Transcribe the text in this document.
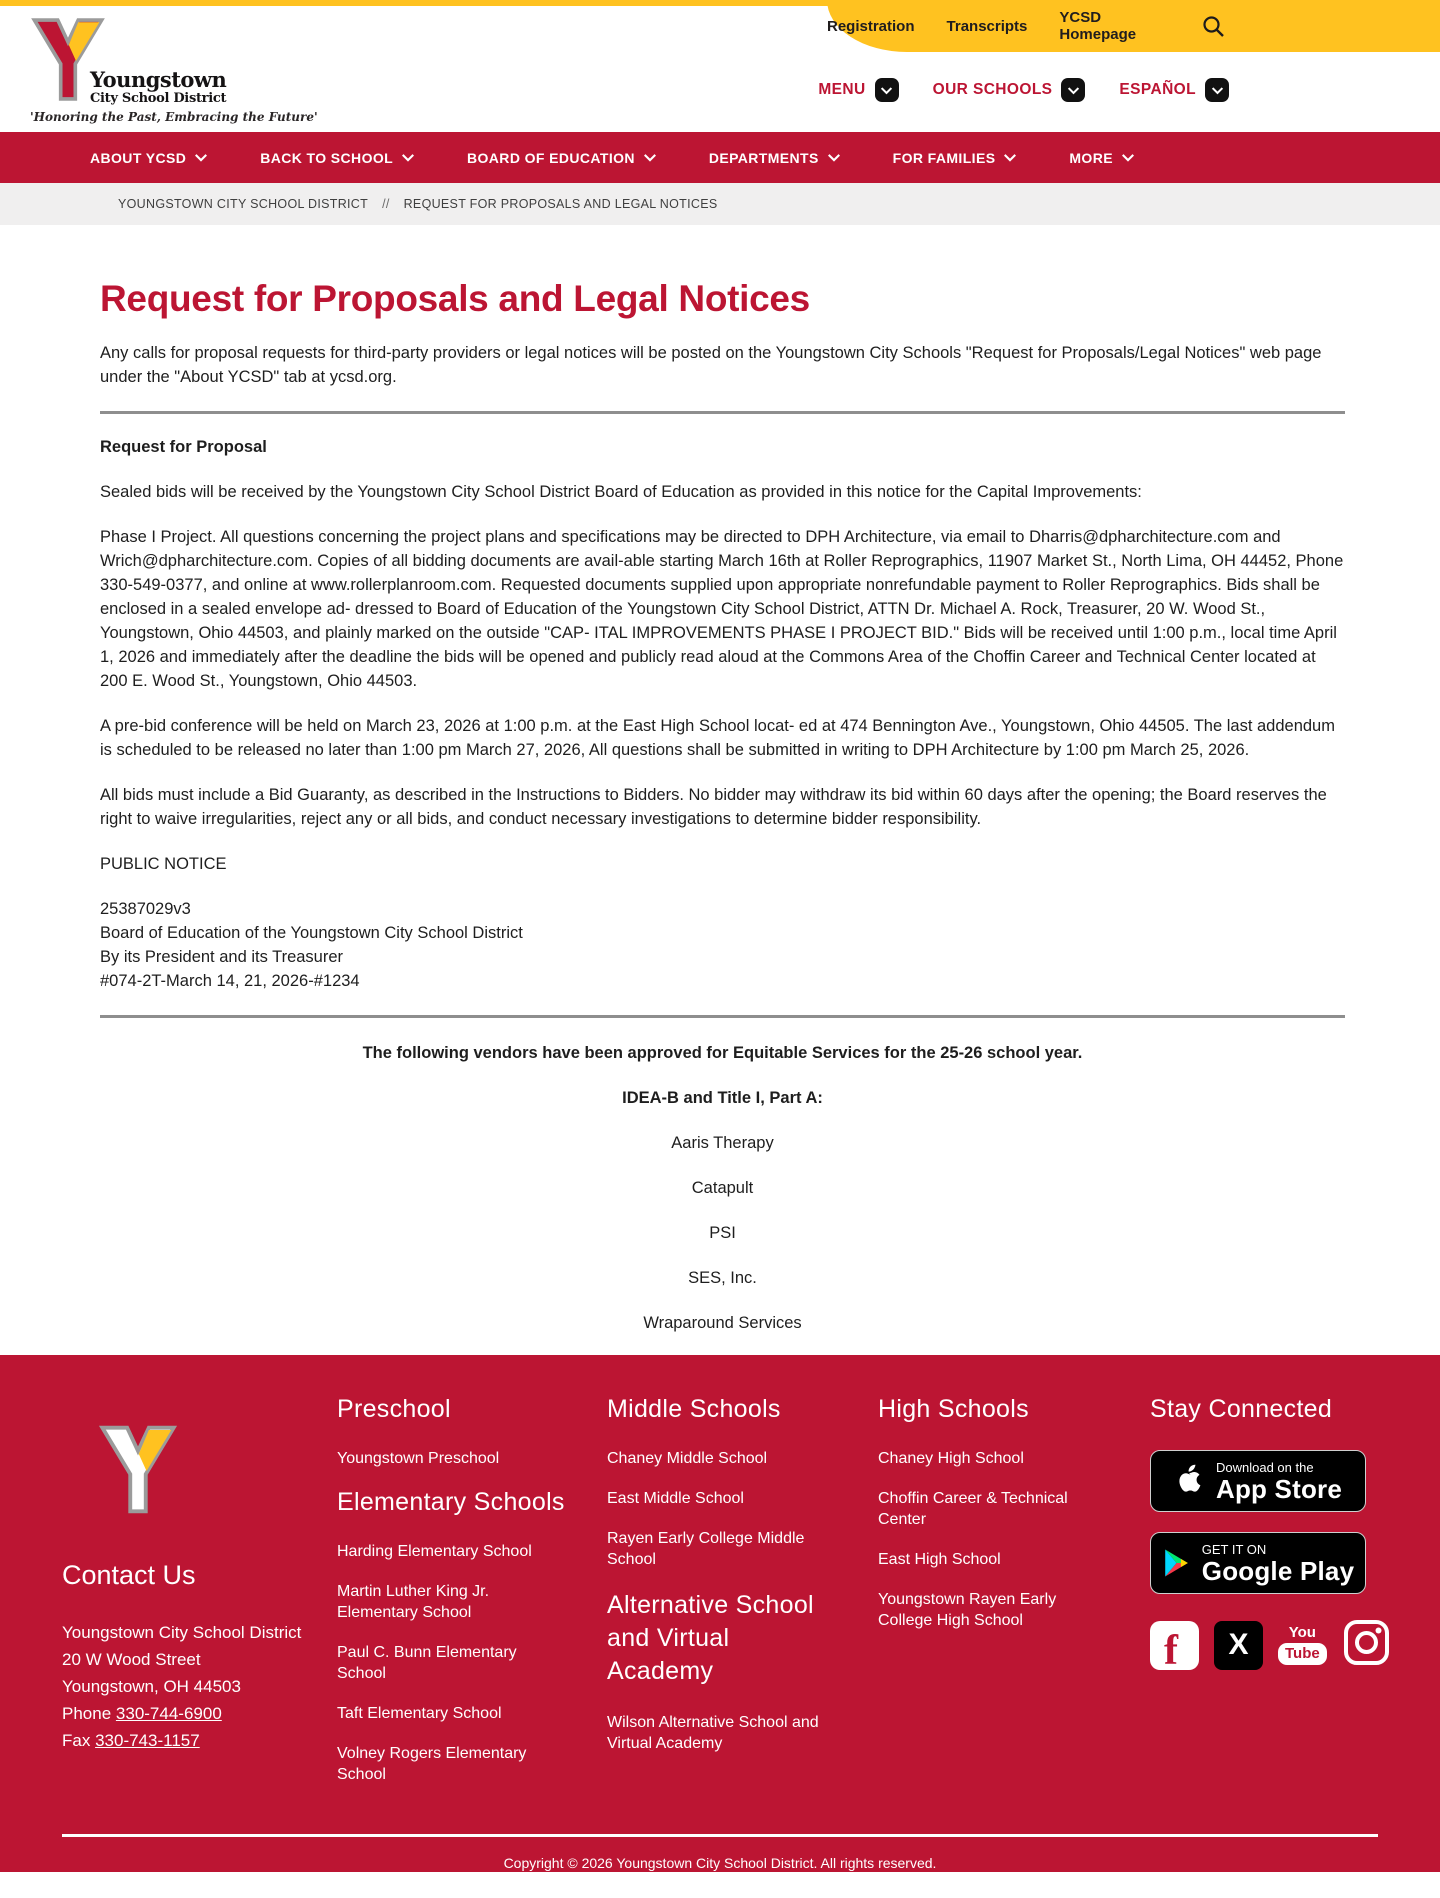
Registration Transcripts YCSD Homepage
Youngstown
City School District
'Honoring the Past, Embracing the Future'
MENU	OUR SCHOOLS	ESPAÑOL
ABOUT YCSD	BACK TO SCHOOL	BOARD OF EDUCATION	DEPARTMENTS	FOR FAMILIES	MORE
YOUNGSTOWN CITY SCHOOL DISTRICT // REQUEST FOR PROPOSALS AND LEGAL NOTICES
Request for Proposals and Legal Notices

Any calls for proposal requests for third-party providers or legal notices will be posted on the Youngstown City Schools "Request for Proposals/Legal Notices" web page under the "About YCSD" tab at ycsd.org.

Request for Proposal

Sealed bids will be received by the Youngstown City School District Board of Education as provided in this notice for the Capital Improvements:

Phase I Project. All questions concerning the project plans and specifications may be directed to DPH Architecture, via email to Dharris@dpharchitecture.com and Wrich@dpharchitecture.com. Copies of all bidding documents are avail-able starting March 16th at Roller Reprographics, 11907 Market St., North Lima, OH 44452, Phone 330-549-0377, and online at www.rollerplanroom.com. Requested documents supplied upon appropriate nonrefundable payment to Roller Reprographics. Bids shall be enclosed in a sealed envelope ad- dressed to Board of Education of the Youngstown City School District, ATTN Dr. Michael A. Rock, Treasurer, 20 W. Wood St., Youngstown, Ohio 44503, and plainly marked on the outside "CAP- ITAL IMPROVEMENTS PHASE I PROJECT BID." Bids will be received until 1:00 p.m., local time April 1, 2026 and immediately after the deadline the bids will be opened and publicly read aloud at the Commons Area of the Choffin Career and Technical Center located at 200 E. Wood St., Youngstown, Ohio 44503.

A pre-bid conference will be held on March 23, 2026 at 1:00 p.m. at the East High School locat- ed at 474 Bennington Ave., Youngstown, Ohio 44505. The last addendum is scheduled to be released no later than 1:00 pm March 27, 2026, All questions shall be submitted in writing to DPH Architecture by 1:00 pm March 25, 2026.

All bids must include a Bid Guaranty, as described in the Instructions to Bidders. No bidder may withdraw its bid within 60 days after the opening; the Board reserves the right to waive irregularities, reject any or all bids, and conduct necessary investigations to determine bidder responsibility.

PUBLIC NOTICE

25387029v3
Board of Education of the Youngstown City School District
By its President and its Treasurer
#074-2T-March 14, 21, 2026-#1234
The following vendors have been approved for Equitable Services for the 25-26 school year.
IDEA-B and Title I, Part A:
Aaris Therapy
Catapult
PSI
SES, Inc.
Wraparound Services
Contact Us
Youngstown City School District
20 W Wood Street
Youngstown, OH 44503
Phone 330-744-6900
Fax 330-743-1157
Preschool
Youngstown Preschool
Elementary Schools
Harding Elementary School
Martin Luther King Jr. Elementary School
Paul C. Bunn Elementary School
Taft Elementary School
Volney Rogers Elementary School
Middle Schools
Chaney Middle School
East Middle School
Rayen Early College Middle School
Alternative School and Virtual Academy
Wilson Alternative School and Virtual Academy
High Schools
Chaney High School
Choffin Career & Technical Center
East High School
Youngstown Rayen Early College High School
Stay Connected
Download on the
App Store
GET IT ON
Google Play
f	X	You
Tube
Copyright © 2026 Youngstown City School District. All rights reserved.
Powered By Apptegy
